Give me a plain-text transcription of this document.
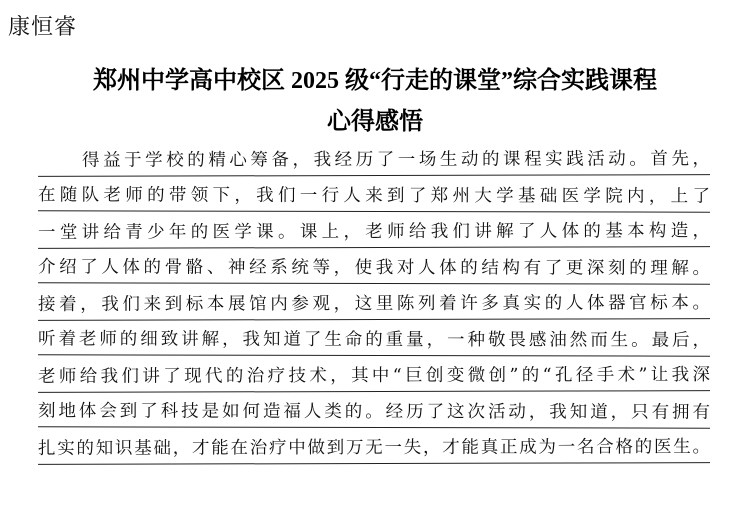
康恒睿
郑州中学高中校区 2025 级“行走的课堂”综合实践课程
心得感悟
得益于学校的精心筹备，我经历了一场生动的课程实践活动。首先，
在随队老师的带领下，我们一行人来到了郑州大学基础医学院内，上了
一堂讲给青少年的医学课。课上，老师给我们讲解了人体的基本构造，
介绍了人体的骨骼、神经系统等，使我对人体的结构有了更深刻的理解。
接着，我们来到标本展馆内参观，这里陈列着许多真实的人体器官标本。
听着老师的细致讲解，我知道了生命的重量，一种敬畏感油然而生。最后，
老师给我们讲了现代的治疗技术，其中“巨创变微创”的“孔径手术”让我深
刻地体会到了科技是如何造福人类的。经历了这次活动，我知道，只有拥有
扎实的知识基础，才能在治疗中做到万无一失，才能真正成为一名合格的医生。
